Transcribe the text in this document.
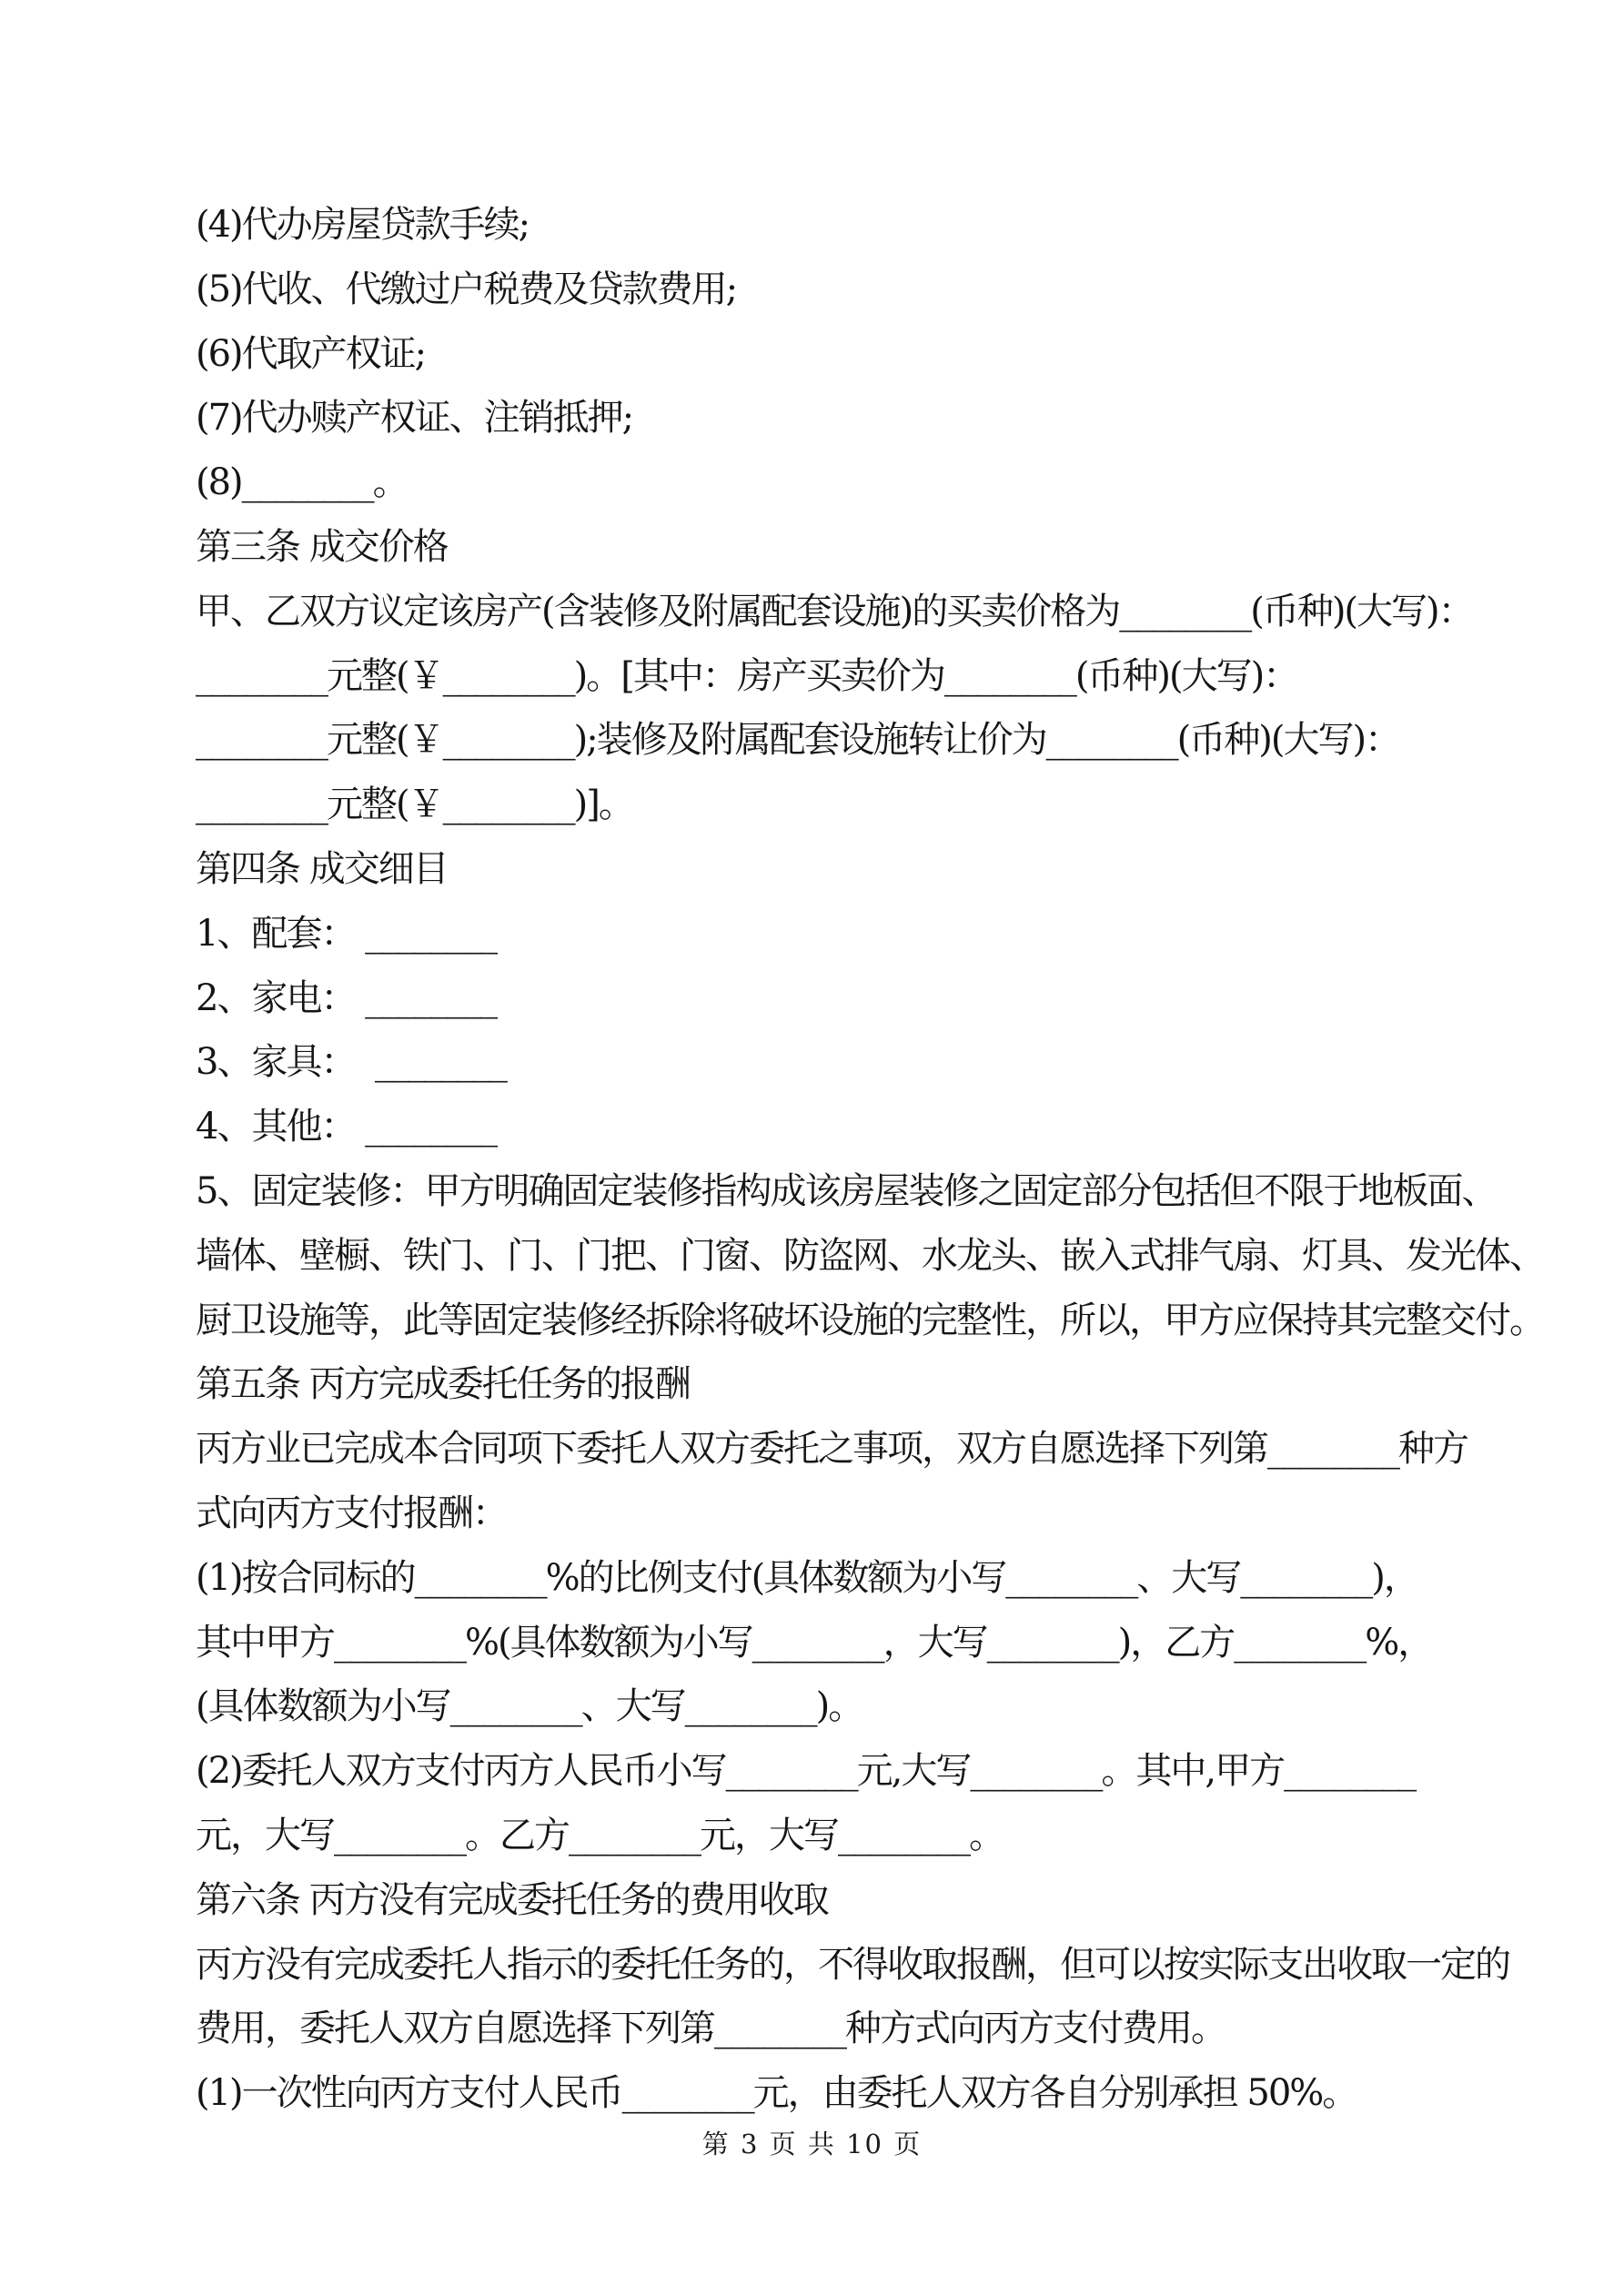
(4)代办房屋贷款手续;
(5)代收、代缴过户税费及贷款费用;
(6)代取产权证;
(7)代办赎产权证、注销抵押;
(8)________。
第三条 成交价格
甲、乙双方议定该房产(含装修及附属配套设施)的买卖价格为________(币种)(大写)：
________元整(￥________)。[其中：房产买卖价为________(币种)(大写)：
________元整(￥________);装修及附属配套设施转让价为________(币种)(大写)：
________元整(￥________)]。
第四条 成交细目
1、配套： ________
2、家电： ________
3、家具：  ________
4、其他： ________
5、固定装修：甲方明确固定装修指构成该房屋装修之固定部分包括但不限于地板面、
墙体、壁橱、铁门、门、门把、门窗、防盗网、水龙头、嵌入式排气扇、灯具、发光体、
厨卫设施等，此等固定装修经拆除将破坏设施的完整性，所以，甲方应保持其完整交付。
第五条 丙方完成委托任务的报酬
丙方业已完成本合同项下委托人双方委托之事项，双方自愿选择下列第________种方
式向丙方支付报酬：
(1)按合同标的________%的比例支付(具体数额为小写________、大写________)，
其中甲方________%(具体数额为小写________，大写________)，乙方________%，
(具体数额为小写________、大写________)。
(2)委托人双方支付丙方人民币小写________元,大写________。其中,甲方________
元，大写________。乙方________元，大写________。
第六条 丙方没有完成委托任务的费用收取
丙方没有完成委托人指示的委托任务的，不得收取报酬，但可以按实际支出收取一定的
费用，委托人双方自愿选择下列第________种方式向丙方支付费用。
(1)一次性向丙方支付人民币________元，由委托人双方各自分别承担 50%。
第 3 页 共 10 页
